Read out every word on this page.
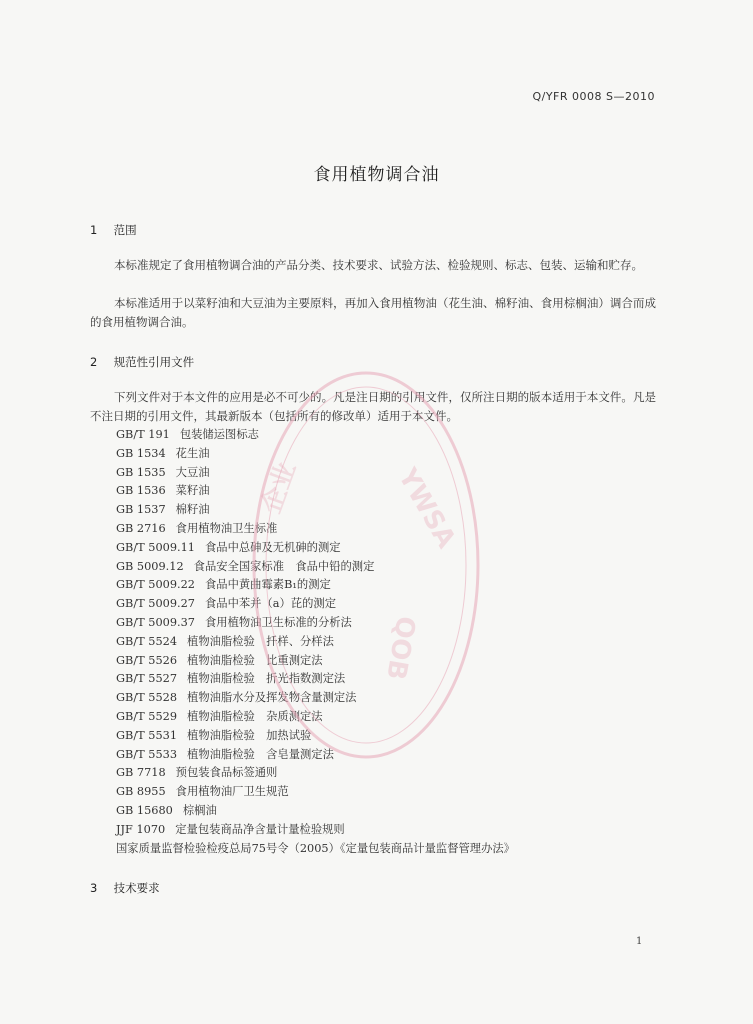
Q/YFR 0008 S—2010
食用植物调合油
1 范围
本标准规定了食用植物调合油的产品分类、技术要求、试验方法、检验规则、标志、包装、运输和贮存。
本标准适用于以菜籽油和大豆油为主要原料，再加入食用植物油（花生油、棉籽油、食用棕榈油）调合而成的食用植物调合油。
2 规范性引用文件
下列文件对于本文件的应用是必不可少的。凡是注日期的引用文件，仅所注日期的版本适用于本文件。凡是不注日期的引用文件，其最新版本（包括所有的修改单）适用于本文件。
GB/T 191 包装储运图标志
GB 1534 花生油
GB 1535 大豆油
GB 1536 菜籽油
GB 1537 棉籽油
GB 2716 食用植物油卫生标准
GB/T 5009.11 食品中总砷及无机砷的测定
GB 5009.12 食品安全国家标准　食品中铅的测定
GB/T 5009.22 食品中黄曲霉素B₁的测定
GB/T 5009.27 食品中苯并（a）芘的测定
GB/T 5009.37 食用植物油卫生标准的分析法
GB/T 5524 植物油脂检验　扦样、分样法
GB/T 5526 植物油脂检验　比重测定法
GB/T 5527 植物油脂检验　折光指数测定法
GB/T 5528 植物油脂水分及挥发物含量测定法
GB/T 5529 植物油脂检验　杂质测定法
GB/T 5531 植物油脂检验　加热试验
GB/T 5533 植物油脂检验　含皂量测定法
GB 7718 预包装食品标签通则
GB 8955 食用植物油厂卫生规范
GB 15680 棕榈油
JJF 1070 定量包装商品净含量计量检验规则
国家质量监督检验检疫总局75号令（2005）《定量包装商品计量监督管理办法》
3 技术要求
1
YWSA
QOB
企业
